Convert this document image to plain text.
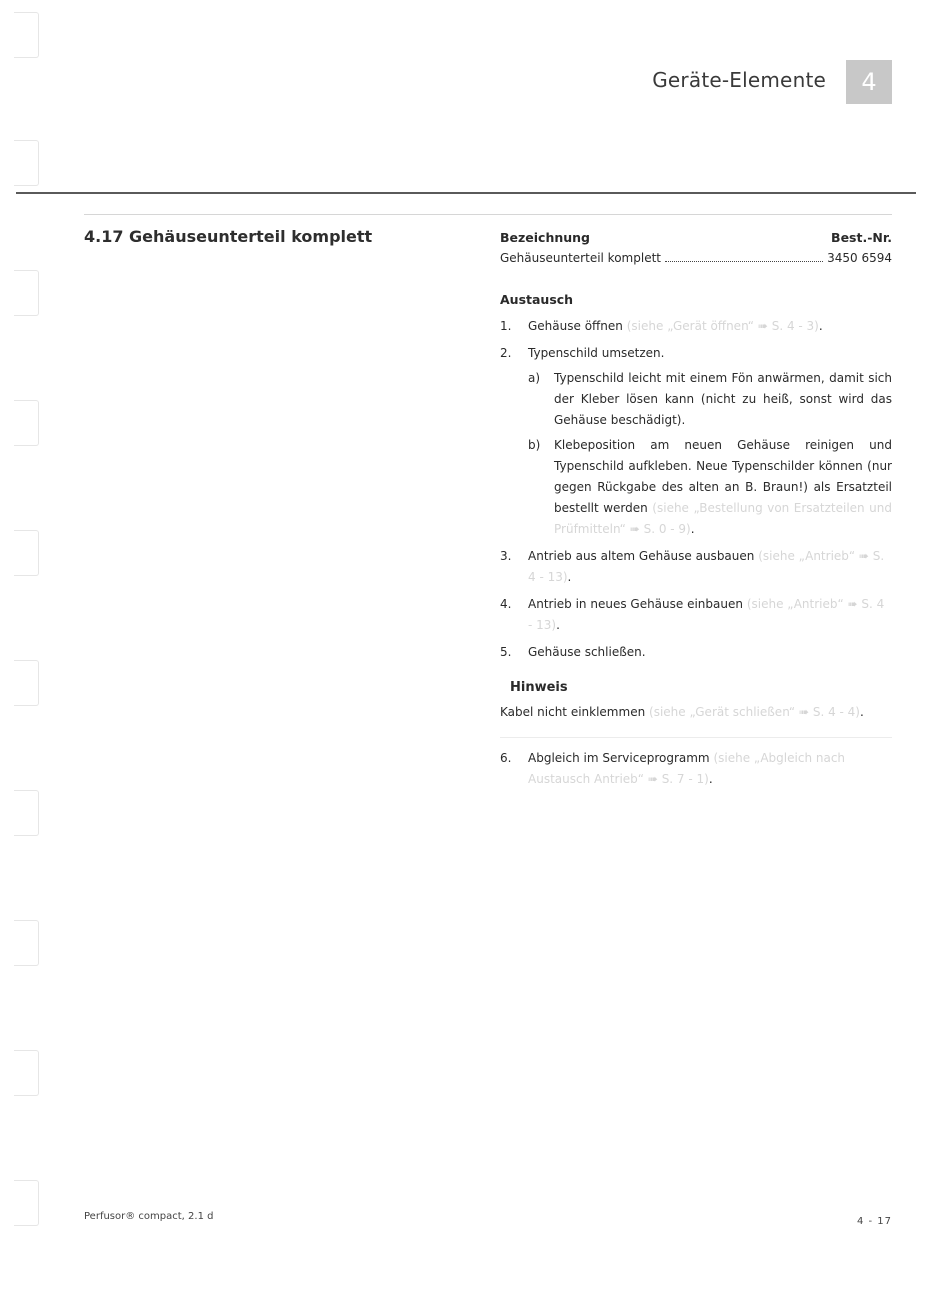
Geräte-Elemente	4
4.17 Gehäuseunterteil komplett	Bezeichnung	Best.-Nr.
Gehäuseunterteil komplett	3450 6594
Austausch
1.	Gehäuse öffnen (siehe „Gerät öffnen“ ➠ S. 4 - 3).
2.	Typenschild umsetzen.
a)	Typenschild leicht mit einem Fön anwärmen, damit sich der Kleber lösen kann (nicht zu heiß, sonst wird das Gehäuse beschädigt).
b)	Klebeposition am neuen Gehäuse reinigen und Typenschild aufkleben. Neue Typenschilder können (nur gegen Rückgabe des alten an B. Braun!) als Ersatzteil bestellt werden (siehe „Bestellung von Ersatzteilen und Prüfmitteln“ ➠ S. 0 - 9).
3.	Antrieb aus altem Gehäuse ausbauen (siehe „Antrieb“ ➠ S. 4 - 13).
4.	Antrieb in neues Gehäuse einbauen (siehe „Antrieb“ ➠ S. 4 - 13).
5.	Gehäuse schließen.
Hinweis
Kabel nicht einklemmen (siehe „Gerät schließen“ ➠ S. 4 - 4).
6.	Abgleich im Serviceprogramm (siehe „Abgleich nach Austausch Antrieb“ ➠ S. 7 - 1).
Perfusor® compact, 2.1 d	4 - 17
